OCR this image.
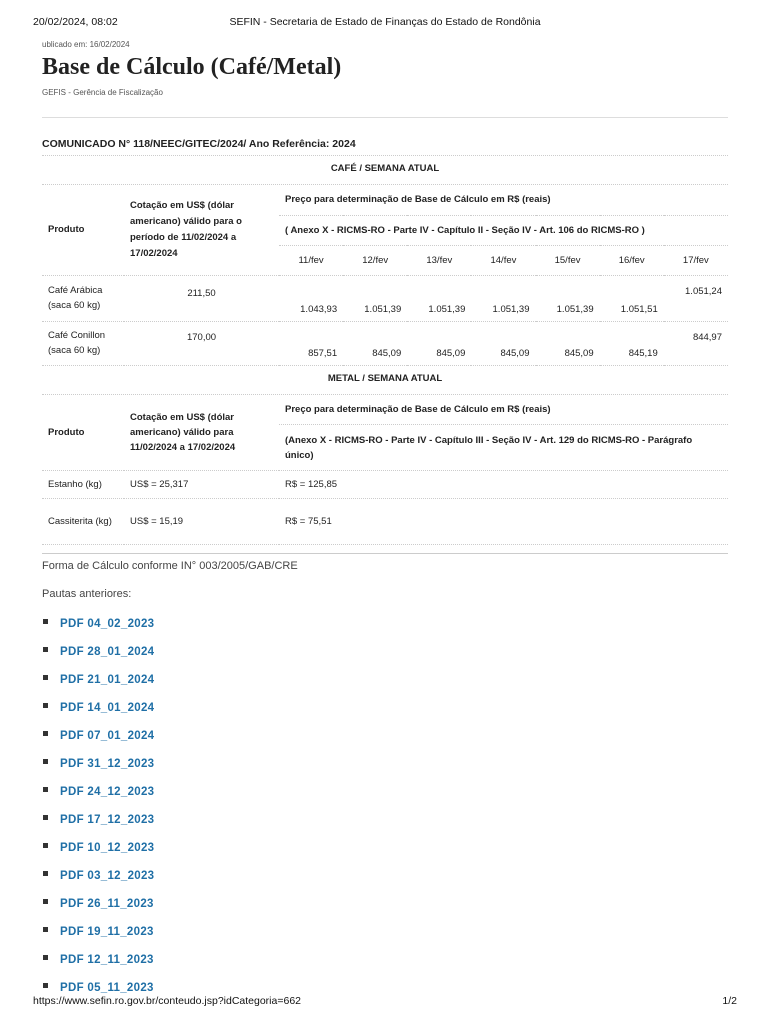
20/02/2024, 08:02	SEFIN - Secretaria de Estado de Finanças do Estado de Rondônia
ublicado em: 16/02/2024
Base de Cálculo (Café/Metal)
GEFIS - Gerência de Fiscalização
COMUNICADO N° 118/NEEC/GITEC/2024/ Ano Referência: 2024
CAFÉ / SEMANA ATUAL
Produto	Cotação em US$ (dólar americano) válido para o período de 11/02/2024 a 17/02/2024	Preço para determinação de Base de Cálculo em R$ (reais)						
		( Anexo X - RICMS-RO - Parte IV - Capítulo II - Seção IV - Art. 106 do RICMS-RO )						
		11/fev	12/fev	13/fev	14/fev	15/fev	16/fev	17/fev
Café Arábica (saca 60 kg)	211,50	1.043,93	1.051,39	1.051,39	1.051,39	1.051,39	1.051,51	1.051,24
Café Conillon (saca 60 kg)	170,00	857,51	845,09	845,09	845,09	845,09	845,19	844,97
METAL / SEMANA ATUAL
Produto	Cotação em US$ (dólar americano) válido para 11/02/2024 a 17/02/2024	Preço para determinação de Base de Cálculo em R$ (reais)
		(Anexo X - RICMS-RO - Parte IV - Capítulo III - Seção IV - Art. 129 do RICMS-RO - Parágrafo único)
Estanho (kg)	US$ = 25,317	R$ = 125,85
Cassiterita (kg)	US$ = 15,19	R$ = 75,51
Forma de Cálculo conforme IN° 003/2005/GAB/CRE
Pautas anteriores:
PDF 04_02_2023
PDF 28_01_2024
PDF 21_01_2024
PDF 14_01_2024
PDF 07_01_2024
PDF 31_12_2023
PDF 24_12_2023
PDF 17_12_2023
PDF 10_12_2023
PDF 03_12_2023
PDF 26_11_2023
PDF 19_11_2023
PDF 12_11_2023
PDF 05_11_2023
https://www.sefin.ro.gov.br/conteudo.jsp?idCategoria=662	1/2
